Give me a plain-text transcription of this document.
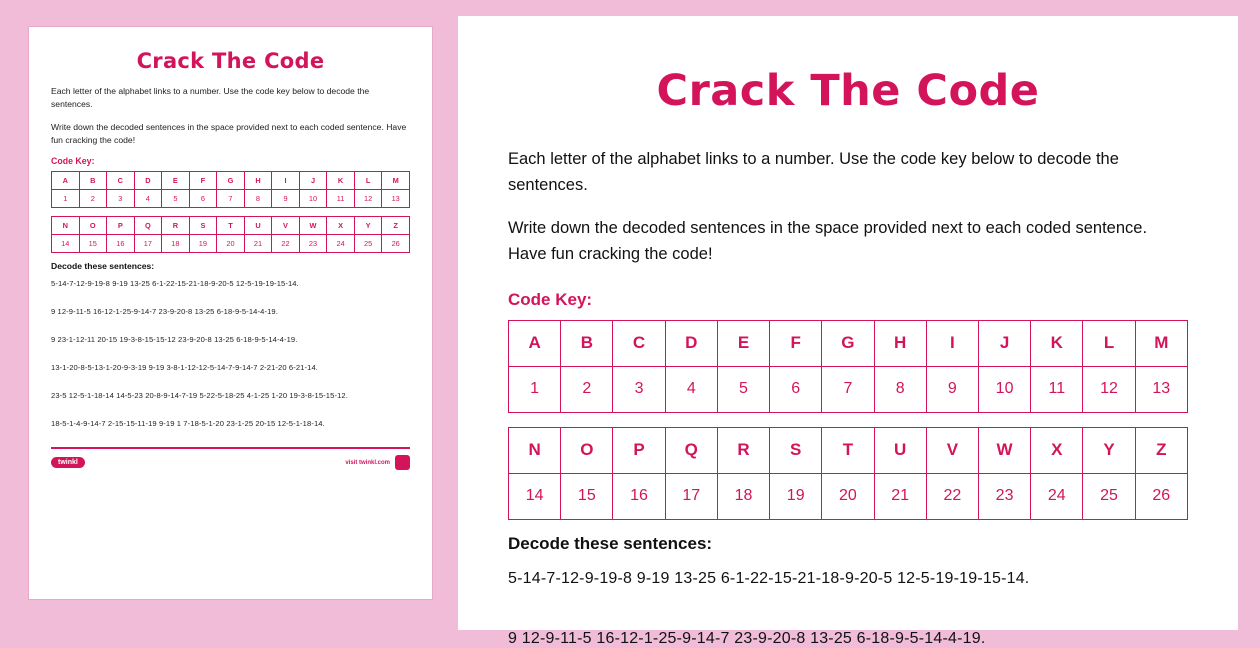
Crack The Code

Each letter of the alphabet links to a number. Use the code key below to decode the sentences.

Write down the decoded sentences in the space provided next to each coded sentence. Have fun cracking the code!

Code Key:
A	B	C	D	E	F	G	H	I	J	K	L	M
1	2	3	4	5	6	7	8	9	10	11	12	13
N	O	P	Q	R	S	T	U	V	W	X	Y	Z
14	15	16	17	18	19	20	21	22	23	24	25	26
Decode these sentences:

5-14-7-12-9-19-8 9-19 13-25 6-1-22-15-21-18-9-20-5 12-5-19-19-15-14.

9 12-9-11-5 16-12-1-25-9-14-7 23-9-20-8 13-25 6-18-9-5-14-4-19.

9 23-1-12-11 20-15 19-3-8-15-15-12 23-9-20-8 13-25 6-18-9-5-14-4-19.

13-1-20-8-5-13-1-20-9-3-19 9-19 3-8-1-12-12-5-14-7-9-14-7 2-21-20 6-21-14.

23-5 12-5-1-18-14 14-5-23 20-8-9-14-7-19 5-22-5-18-25 4-1-25 1-20 19-3-8-15-15-12.

18-5-1-4-9-14-7 2-15-15-11-19 9-19 1 7-18-5-1-20 23-1-25 20-15 12-5-1-18-14.

twinkl	visit twinkl.com
Crack The Code

Each letter of the alphabet links to a number. Use the code key below to decode the sentences.

Write down the decoded sentences in the space provided next to each coded sentence. Have fun cracking the code!

Code Key:
A	B	C	D	E	F	G	H	I	J	K	L	M
1	2	3	4	5	6	7	8	9	10	11	12	13
N	O	P	Q	R	S	T	U	V	W	X	Y	Z
14	15	16	17	18	19	20	21	22	23	24	25	26
Decode these sentences:

5-14-7-12-9-19-8 9-19 13-25 6-1-22-15-21-18-9-20-5 12-5-19-19-15-14.

9 12-9-11-5 16-12-1-25-9-14-7 23-9-20-8 13-25 6-18-9-5-14-4-19.
